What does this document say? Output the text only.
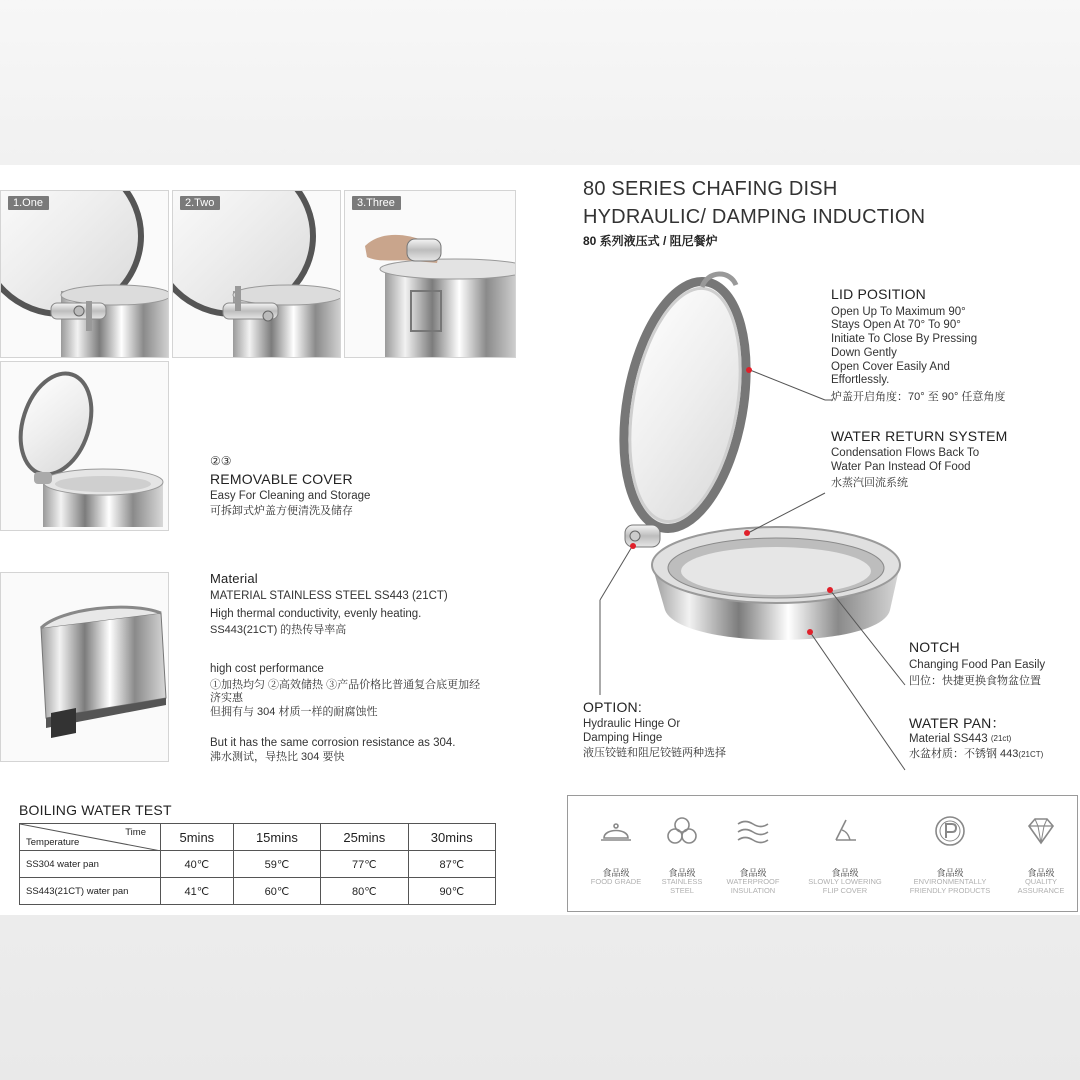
1.One	2.Two	3.Three
80 SERIES CHAFING DISH
HYDRAULIC/ DAMPING INDUCTION
80 系列液压式 / 阻尼餐炉
②③
REMOVABLE COVER
Easy For Cleaning and Storage
可拆卸式炉盖方便清洗及储存
Material
MATERIAL STAINLESS STEEL SS443 (21CT)
High thermal conductivity, evenly heating.
SS443(21CT) 的热传导率高
high cost performance
①加热均匀 ②高效储热 ③产品价格比普通复合底更加经
济实惠
但拥有与 304 材质一样的耐腐蚀性
But it has the same corrosion resistance as 304.
沸水测试，导热比 304 要快
LID POSITION
Open Up To Maximum 90°
Stays Open At 70° To 90°
Initiate To Close By Pressing
Down Gently
Open Cover Easily And
Effortlessly.
炉盖开启角度：70° 至 90° 任意角度
WATER RETURN SYSTEM
Condensation Flows Back To
Water Pan Instead Of Food
水蒸汽回流系统
NOTCH
Changing Food Pan Easily
凹位：快捷更换食物盆位置
WATER PAN：
Material SS443 $^{(21ct)}$
水盆材质：不锈钢 443(21CT)
OPTION:
Hydraulic Hinge Or
Damping Hinge
液压铰链和阻尼铰链两种选择
BOILING WATER TEST
Time
Temperature	5mins	15mins	25mins	30mins
SS304 water pan	40℃	59℃	77℃	87℃
SS443(21CT) water pan	41℃	60℃	80℃	90℃
食品级
FOOD GRADE
食品级
STAINLESS
STEEL
食品级
WATERPROOF
INSULATION
食品级
SLOWLY LOWERING
FLIP COVER
食品级
ENVIRONMENTALLY
FRIENDLY PRODUCTS
食品级
QUALITY
ASSURANCE
